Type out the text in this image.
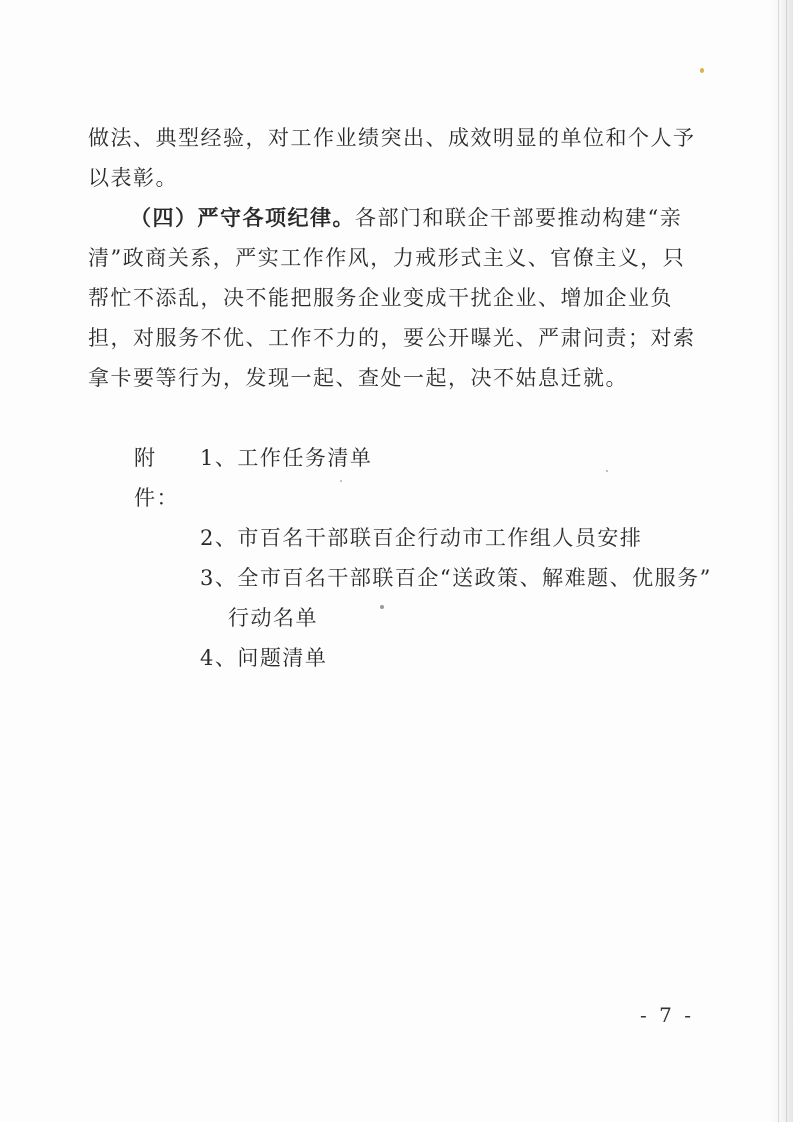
做法、典型经验，对工作业绩突出、成效明显的单位和个人予以表彰。

（四）严守各项纪律。各部门和联企干部要推动构建“亲清”政商关系，严实工作作风，力戒形式主义、官僚主义，只帮忙不添乱，决不能把服务企业变成干扰企业、增加企业负担，对服务不优、工作不力的，要公开曝光、严肃问责；对索拿卡要等行为，发现一起、查处一起，决不姑息迁就。

附件：
1、工作任务清单
2、市百名干部联百企行动市工作组人员安排
3、全市百名干部联百企“送政策、解难题、优服务”
行动名单
4、问题清单
- 7 -
